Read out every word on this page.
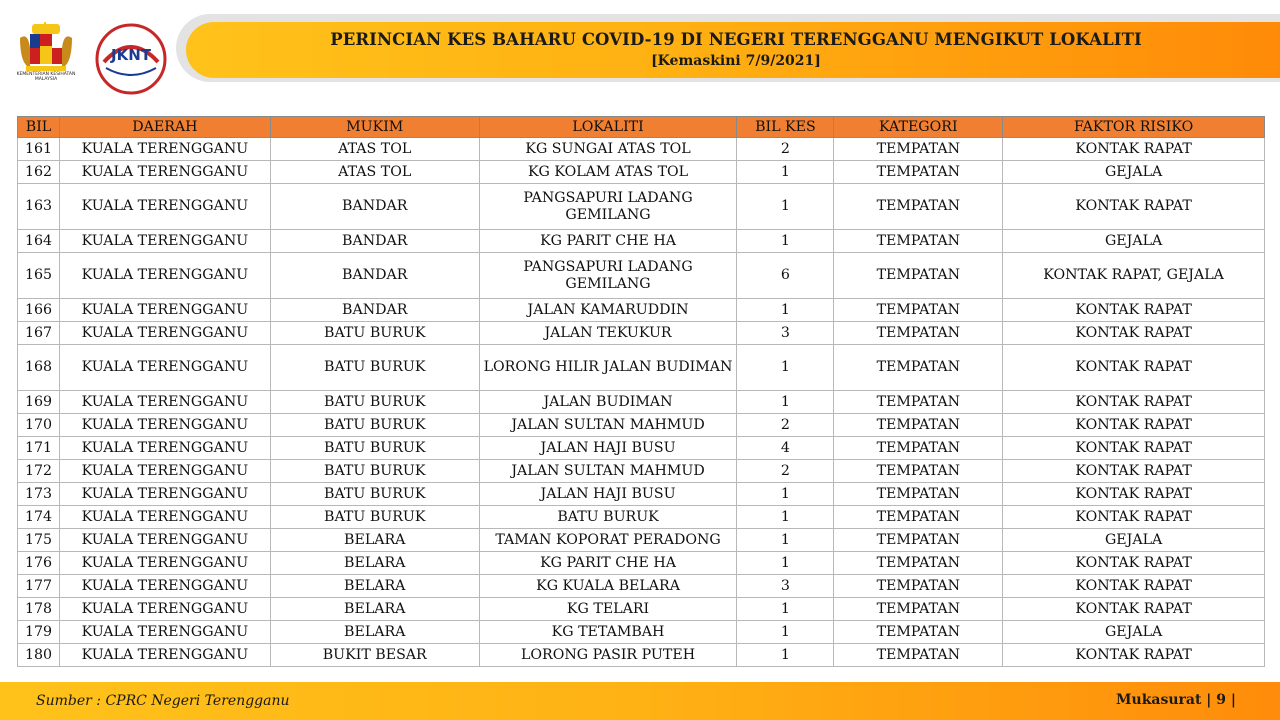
KEMENTERIAN KESIHATAN MALAYSIA
JKNT
PERINCIAN KES BAHARU COVID-19 DI NEGERI TERENGGANU MENGIKUT LOKALITI
[Kemaskini 7/9/2021]
BIL	DAERAH	MUKIM	LOKALITI	BIL KES	KATEGORI	FAKTOR RISIKO
161	KUALA TERENGGANU	ATAS TOL	KG SUNGAI ATAS TOL	2	TEMPATAN	KONTAK RAPAT
162	KUALA TERENGGANU	ATAS TOL	KG KOLAM ATAS TOL	1	TEMPATAN	GEJALA
163	KUALA TERENGGANU	BANDAR	PANGSAPURI LADANG GEMILANG	1	TEMPATAN	KONTAK RAPAT
164	KUALA TERENGGANU	BANDAR	KG PARIT CHE HA	1	TEMPATAN	GEJALA
165	KUALA TERENGGANU	BANDAR	PANGSAPURI LADANG GEMILANG	6	TEMPATAN	KONTAK RAPAT, GEJALA
166	KUALA TERENGGANU	BANDAR	JALAN KAMARUDDIN	1	TEMPATAN	KONTAK RAPAT
167	KUALA TERENGGANU	BATU BURUK	JALAN TEKUKUR	3	TEMPATAN	KONTAK RAPAT
168	KUALA TERENGGANU	BATU BURUK	LORONG HILIR JALAN BUDIMAN	1	TEMPATAN	KONTAK RAPAT
169	KUALA TERENGGANU	BATU BURUK	JALAN BUDIMAN	1	TEMPATAN	KONTAK RAPAT
170	KUALA TERENGGANU	BATU BURUK	JALAN SULTAN MAHMUD	2	TEMPATAN	KONTAK RAPAT
171	KUALA TERENGGANU	BATU BURUK	JALAN HAJI BUSU	4	TEMPATAN	KONTAK RAPAT
172	KUALA TERENGGANU	BATU BURUK	JALAN SULTAN MAHMUD	2	TEMPATAN	KONTAK RAPAT
173	KUALA TERENGGANU	BATU BURUK	JALAN HAJI BUSU	1	TEMPATAN	KONTAK RAPAT
174	KUALA TERENGGANU	BATU BURUK	BATU BURUK	1	TEMPATAN	KONTAK RAPAT
175	KUALA TERENGGANU	BELARA	TAMAN KOPORAT PERADONG	1	TEMPATAN	GEJALA
176	KUALA TERENGGANU	BELARA	KG PARIT CHE HA	1	TEMPATAN	KONTAK RAPAT
177	KUALA TERENGGANU	BELARA	KG KUALA BELARA	3	TEMPATAN	KONTAK RAPAT
178	KUALA TERENGGANU	BELARA	KG TELARI	1	TEMPATAN	KONTAK RAPAT
179	KUALA TERENGGANU	BELARA	KG TETAMBAH	1	TEMPATAN	GEJALA
180	KUALA TERENGGANU	BUKIT BESAR	LORONG PASIR PUTEH	1	TEMPATAN	KONTAK RAPAT
Sumber : CPRC Negeri Terengganu	Mukasurat | 9 |
